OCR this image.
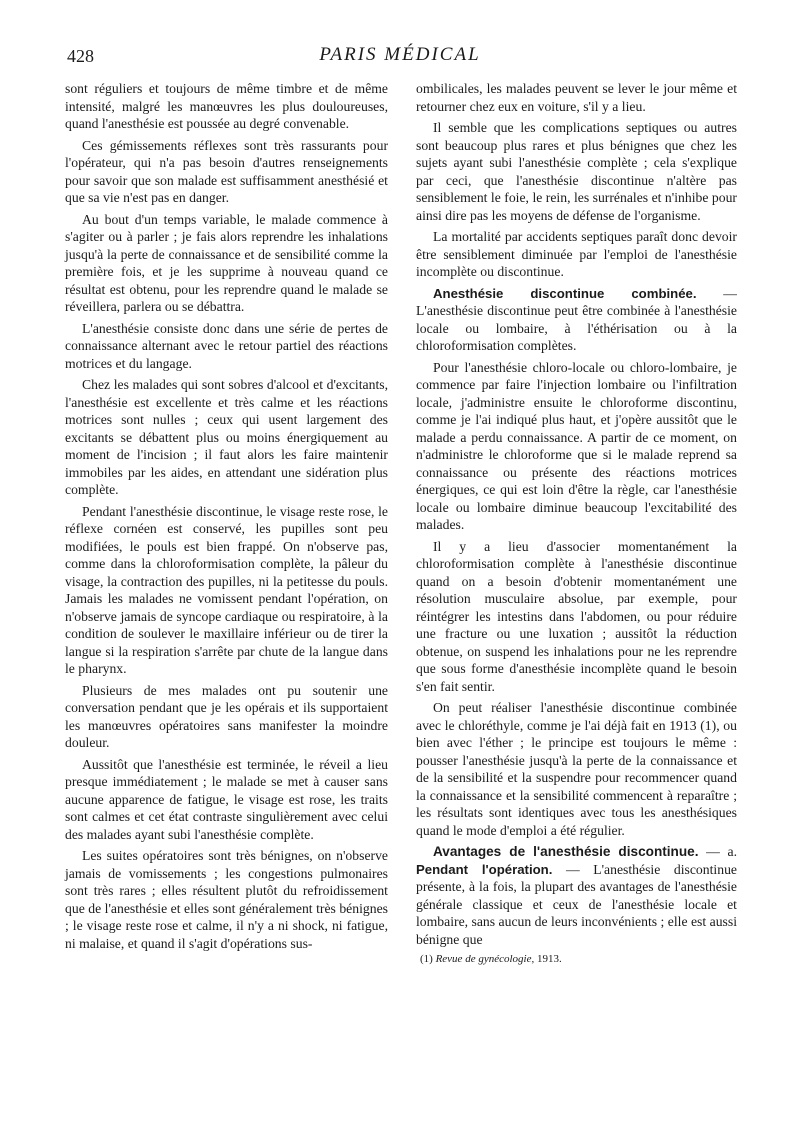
428	PARIS MÉDICAL

sont réguliers et toujours de même timbre et de même intensité, malgré les manœuvres les plus douloureuses, quand l'anesthésie est poussée au degré convenable.

Ces gémissements réflexes sont très rassurants pour l'opérateur, qui n'a pas besoin d'autres renseignements pour savoir que son malade est suffisamment anesthésié et que sa vie n'est pas en danger.

Au bout d'un temps variable, le malade commence à s'agiter ou à parler ; je fais alors reprendre les inhalations jusqu'à la perte de connaissance et de sensibilité comme la première fois, et je les supprime à nouveau quand ce résultat est obtenu, pour les reprendre quand le malade se réveillera, parlera ou se débattra.

L'anesthésie consiste donc dans une série de pertes de connaissance alternant avec le retour partiel des réactions motrices et du langage.

Chez les malades qui sont sobres d'alcool et d'excitants, l'anesthésie est excellente et très calme et les réactions motrices sont nulles ; ceux qui usent largement des excitants se débattent plus ou moins énergiquement au moment de l'incision ; il faut alors les faire maintenir immobiles par les aides, en attendant une sidération plus complète.

Pendant l'anesthésie discontinue, le visage reste rose, le réflexe cornéen est conservé, les pupilles sont peu modifiées, le pouls est bien frappé. On n'observe pas, comme dans la chloroformisation complète, la pâleur du visage, la contraction des pupilles, ni la petitesse du pouls. Jamais les malades ne vomissent pendant l'opération, on n'observe jamais de syncope cardiaque ou respiratoire, à la condition de soulever le maxillaire inférieur ou de tirer la langue si la respiration s'arrête par chute de la langue dans le pharynx.

Plusieurs de mes malades ont pu soutenir une conversation pendant que je les opérais et ils supportaient les manœuvres opératoires sans manifester la moindre douleur.

Aussitôt que l'anesthésie est terminée, le réveil a lieu presque immédiatement ; le malade se met à causer sans aucune apparence de fatigue, le visage est rose, les traits sont calmes et cet état contraste singulièrement avec celui des malades ayant subi l'anesthésie complète.

Les suites opératoires sont très bénignes, on n'observe jamais de vomissements ; les congestions pulmonaires sont très rares ; elles résultent plutôt du refroidissement que de l'anesthésie et elles sont généralement très bénignes ; le visage reste rose et calme, il n'y a ni shock, ni fatigue, ni malaise, et quand il s'agit d'opérations sus-

ombilicales, les malades peuvent se lever le jour même et retourner chez eux en voiture, s'il y a lieu.

Il semble que les complications septiques ou autres sont beaucoup plus rares et plus bénignes que chez les sujets ayant subi l'anesthésie complète ; cela s'explique par ceci, que l'anesthésie discontinue n'altère pas sensiblement le foie, le rein, les surrénales et n'inhibe pour ainsi dire pas les moyens de défense de l'organisme.

La mortalité par accidents septiques paraît donc devoir être sensiblement diminuée par l'emploi de l'anesthésie incomplète ou discontinue.

Anesthésie discontinue combinée. — L'anesthésie discontinue peut être combinée à l'anesthésie locale ou lombaire, à l'éthérisation ou à la chloroformisation complètes.

Pour l'anesthésie chloro-locale ou chloro-lombaire, je commence par faire l'injection lombaire ou l'infiltration locale, j'administre ensuite le chloroforme discontinu, comme je l'ai indiqué plus haut, et j'opère aussitôt que le malade a perdu connaissance. A partir de ce moment, on n'administre le chloroforme que si le malade reprend sa connaissance ou présente des réactions motrices énergiques, ce qui est loin d'être la règle, car l'anesthésie locale ou lombaire diminue beaucoup l'excitabilité des malades.

Il y a lieu d'associer momentanément la chloroformisation complète à l'anesthésie discontinue quand on a besoin d'obtenir momentanément une résolution musculaire absolue, par exemple, pour réintégrer les intestins dans l'abdomen, ou pour réduire une fracture ou une luxation ; aussitôt la réduction obtenue, on suspend les inhalations pour ne les reprendre que sous forme d'anesthésie incomplète quand le besoin s'en fait sentir.

On peut réaliser l'anesthésie discontinue combinée avec le chloréthyle, comme je l'ai déjà fait en 1913 (1), ou bien avec l'éther ; le principe est toujours le même : pousser l'anesthésie jusqu'à la perte de la connaissance et de la sensibilité et la suspendre pour recommencer quand la connaissance et la sensibilité commencent à reparaître ; les résultats sont identiques avec tous les anesthésiques quand le mode d'emploi a été régulier.

Avantages de l'anesthésie discontinue. — a. Pendant l'opération. — L'anesthésie discontinue présente, à la fois, la plupart des avantages de l'anesthésie générale classique et ceux de l'anesthésie locale et lombaire, sans aucun de leurs inconvénients ; elle est aussi bénigne que

(1) Revue de gynécologie, 1913.
